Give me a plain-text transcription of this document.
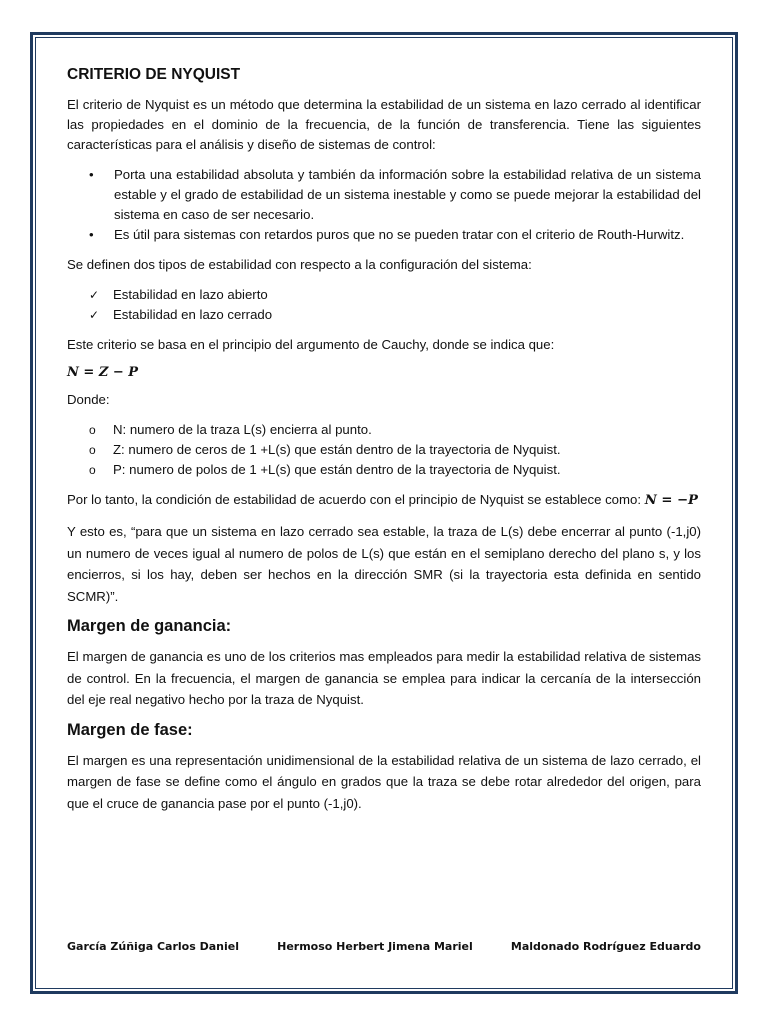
CRITERIO DE NYQUIST

El criterio de Nyquist es un método que determina la estabilidad de un sistema en lazo cerrado al identificar las propiedades en el dominio de la frecuencia, de la función de transferencia. Tiene las siguientes características para el análisis y diseño de sistemas de control:

• Porta una estabilidad absoluta y también da información sobre la estabilidad relativa de un sistema estable y el grado de estabilidad de un sistema inestable y como se puede mejorar la estabilidad del sistema en caso de ser necesario.
• Es útil para sistemas con retardos puros que no se pueden tratar con el criterio de Routh-Hurwitz.

Se definen dos tipos de estabilidad con respecto a la configuración del sistema:

✓ Estabilidad en lazo abierto
✓ Estabilidad en lazo cerrado

Este criterio se basa en el principio del argumento de Cauchy, donde se indica que:

N = Z − P

Donde:

o N: numero de la traza L(s) encierra al punto.
o Z: numero de ceros de 1 +L(s) que están dentro de la trayectoria de Nyquist.
o P: numero de polos de 1 +L(s) que están dentro de la trayectoria de Nyquist.

Por lo tanto, la condición de estabilidad de acuerdo con el principio de Nyquist se establece como: N = −P

Y esto es, “para que un sistema en lazo cerrado sea estable, la traza de L(s) debe encerrar al punto (-1,j0) un numero de veces igual al numero de polos de L(s) que están en el semiplano derecho del plano s, y los encierros, si los hay, deben ser hechos en la dirección SMR (si la trayectoria esta definida en sentido SCMR)”.

Margen de ganancia:

El margen de ganancia es uno de los criterios mas empleados para medir la estabilidad relativa de sistemas de control. En la frecuencia, el margen de ganancia se emplea para indicar la cercanía de la intersección del eje real negativo hecho por la traza de Nyquist.

Margen de fase:

El margen es una representación unidimensional de la estabilidad relativa de un sistema de lazo cerrado, el margen de fase se define como el ángulo en grados que la traza se debe rotar alrededor del origen, para que el cruce de ganancia pase por el punto (-1,j0).

García Zúñiga Carlos Daniel	Hermoso Herbert Jimena Mariel	Maldonado Rodríguez Eduardo
